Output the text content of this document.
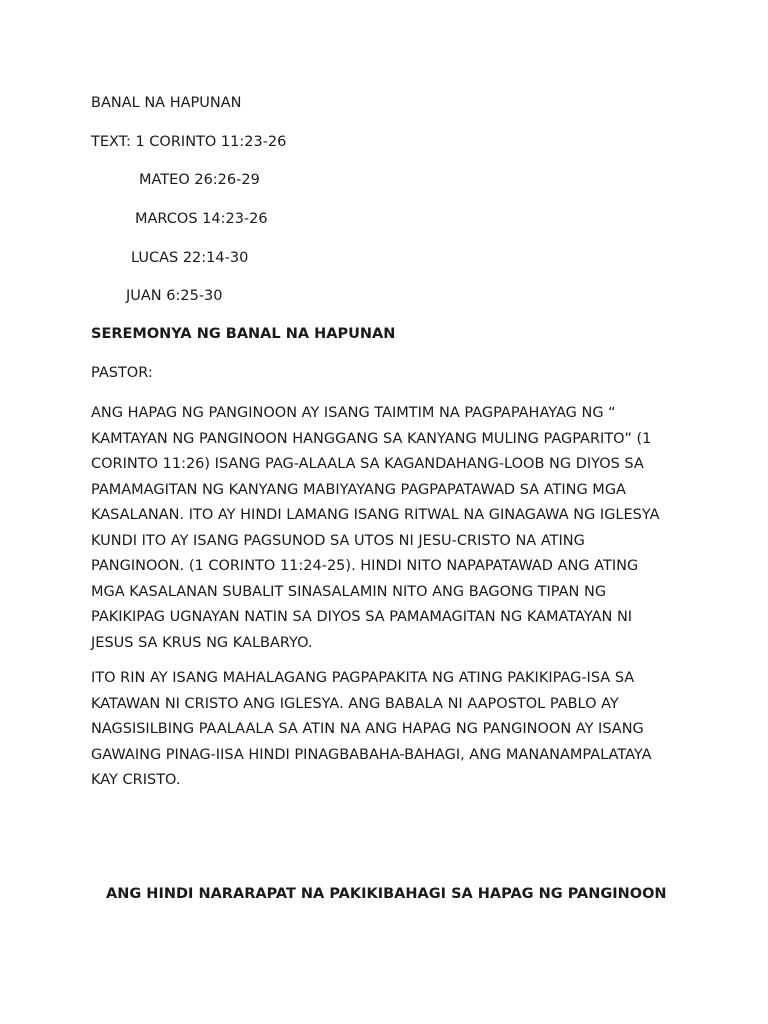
BANAL NA HAPUNAN
TEXT: 1 CORINTO 11:23-26
MATEO 26:26-29
MARCOS 14:23-26
LUCAS 22:14-30
JUAN 6:25-30
SEREMONYA NG BANAL NA HAPUNAN
PASTOR:
ANG HAPAG NG PANGINOON AY ISANG TAIMTIM NA PAGPAPAHAYAG NG “
KAMTAYAN NG PANGINOON HANGGANG SA KANYANG MULING PAGPARITO” (1
CORINTO 11:26) ISANG PAG-ALAALA SA KAGANDAHANG-LOOB NG DIYOS SA
PAMAMAGITAN NG KANYANG MABIYAYANG PAGPAPATAWAD SA ATING MGA
KASALANAN. ITO AY HINDI LAMANG ISANG RITWAL NA GINAGAWA NG IGLESYA
KUNDI ITO AY ISANG PAGSUNOD SA UTOS NI JESU-CRISTO NA ATING
PANGINOON. (1 CORINTO 11:24-25). HINDI NITO NAPAPATAWAD ANG ATING
MGA KASALANAN SUBALIT SINASALAMIN NITO ANG BAGONG TIPAN NG
PAKIKIPAG UGNAYAN NATIN SA DIYOS SA PAMAMAGITAN NG KAMATAYAN NI
JESUS SA KRUS NG KALBARYO.
ITO RIN AY ISANG MAHALAGANG PAGPAPAKITA NG ATING PAKIKIPAG-ISA SA
KATAWAN NI CRISTO ANG IGLESYA. ANG BABALA NI AAPOSTOL PABLO AY
NAGSISILBING PAALAALA SA ATIN NA ANG HAPAG NG PANGINOON AY ISANG
GAWAING PINAG-IISA HINDI PINAGBABAHA-BAHAGI, ANG MANANAMPALATAYA
KAY CRISTO.
ANG HINDI NARARAPAT NA PAKIKIBAHAGI SA HAPAG NG PANGINOON
